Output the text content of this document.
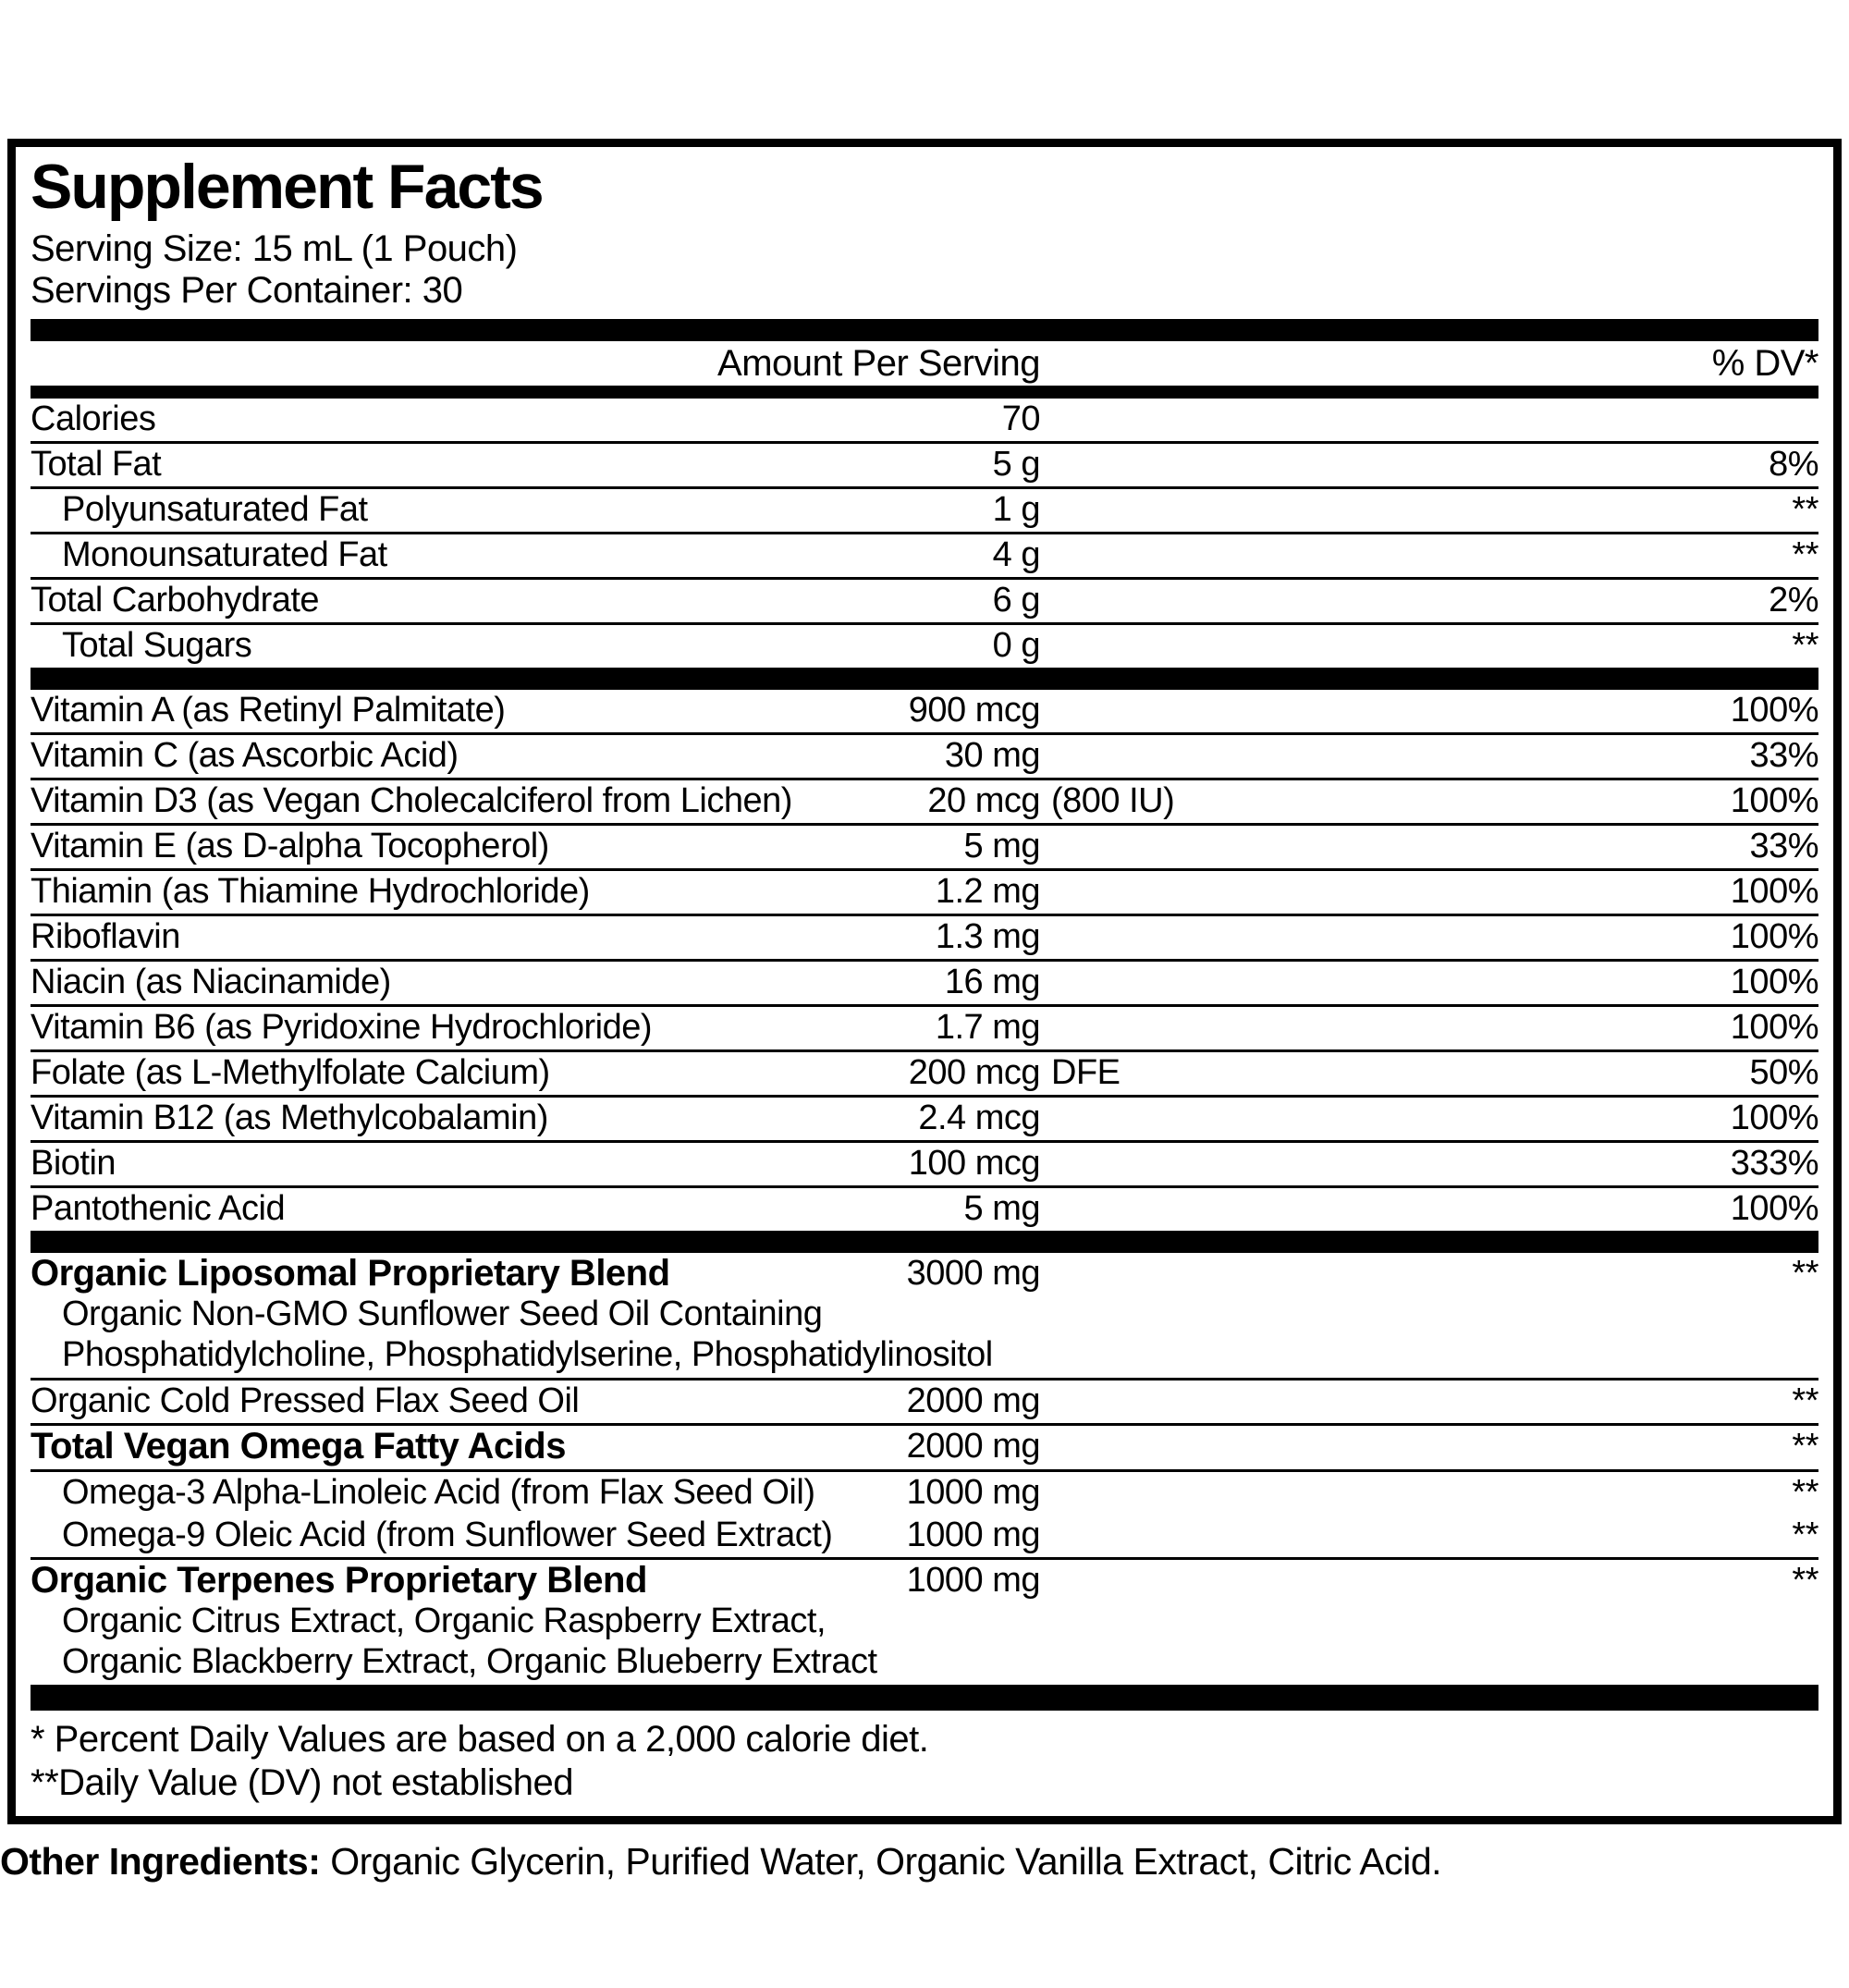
Supplement Facts
Serving Size: 15 mL (1 Pouch)
Servings Per Container: 30
Amount Per Serving	% DV*
Calories	70
Total Fat	5 g	8%
Polyunsaturated Fat	1 g	**
Monounsaturated Fat	4 g	**
Total Carbohydrate	6 g	2%
Total Sugars	0 g	**
Vitamin A (as Retinyl Palmitate)	900 mcg	100%
Vitamin C (as Ascorbic Acid)	30 mg	33%
Vitamin D3 (as Vegan Cholecalciferol from Lichen)	20 mcg (800 IU)	100%
Vitamin E (as D-alpha Tocopherol)	5 mg	33%
Thiamin (as Thiamine Hydrochloride)	1.2 mg	100%
Riboflavin	1.3 mg	100%
Niacin (as Niacinamide)	16 mg	100%
Vitamin B6 (as Pyridoxine Hydrochloride)	1.7 mg	100%
Folate (as L-Methylfolate Calcium)	200 mcg DFE	50%
Vitamin B12 (as Methylcobalamin)	2.4 mcg	100%
Biotin	100 mcg	333%
Pantothenic Acid	5 mg	100%
Organic Liposomal Proprietary Blend	3000 mg	**
Organic Non-GMO Sunflower Seed Oil Containing
Phosphatidylcholine, Phosphatidylserine, Phosphatidylinositol
Organic Cold Pressed Flax Seed Oil	2000 mg	**
Total Vegan Omega Fatty Acids	2000 mg	**
Omega-3 Alpha-Linoleic Acid (from Flax Seed Oil)	1000 mg	**
Omega-9 Oleic Acid (from Sunflower Seed Extract)	1000 mg	**
Organic Terpenes Proprietary Blend	1000 mg	**
Organic Citrus Extract, Organic Raspberry Extract,
Organic Blackberry Extract, Organic Blueberry Extract
* Percent Daily Values are based on a 2,000 calorie diet.
**Daily Value (DV) not established
Other Ingredients: Organic Glycerin, Purified Water, Organic Vanilla Extract, Citric Acid.
